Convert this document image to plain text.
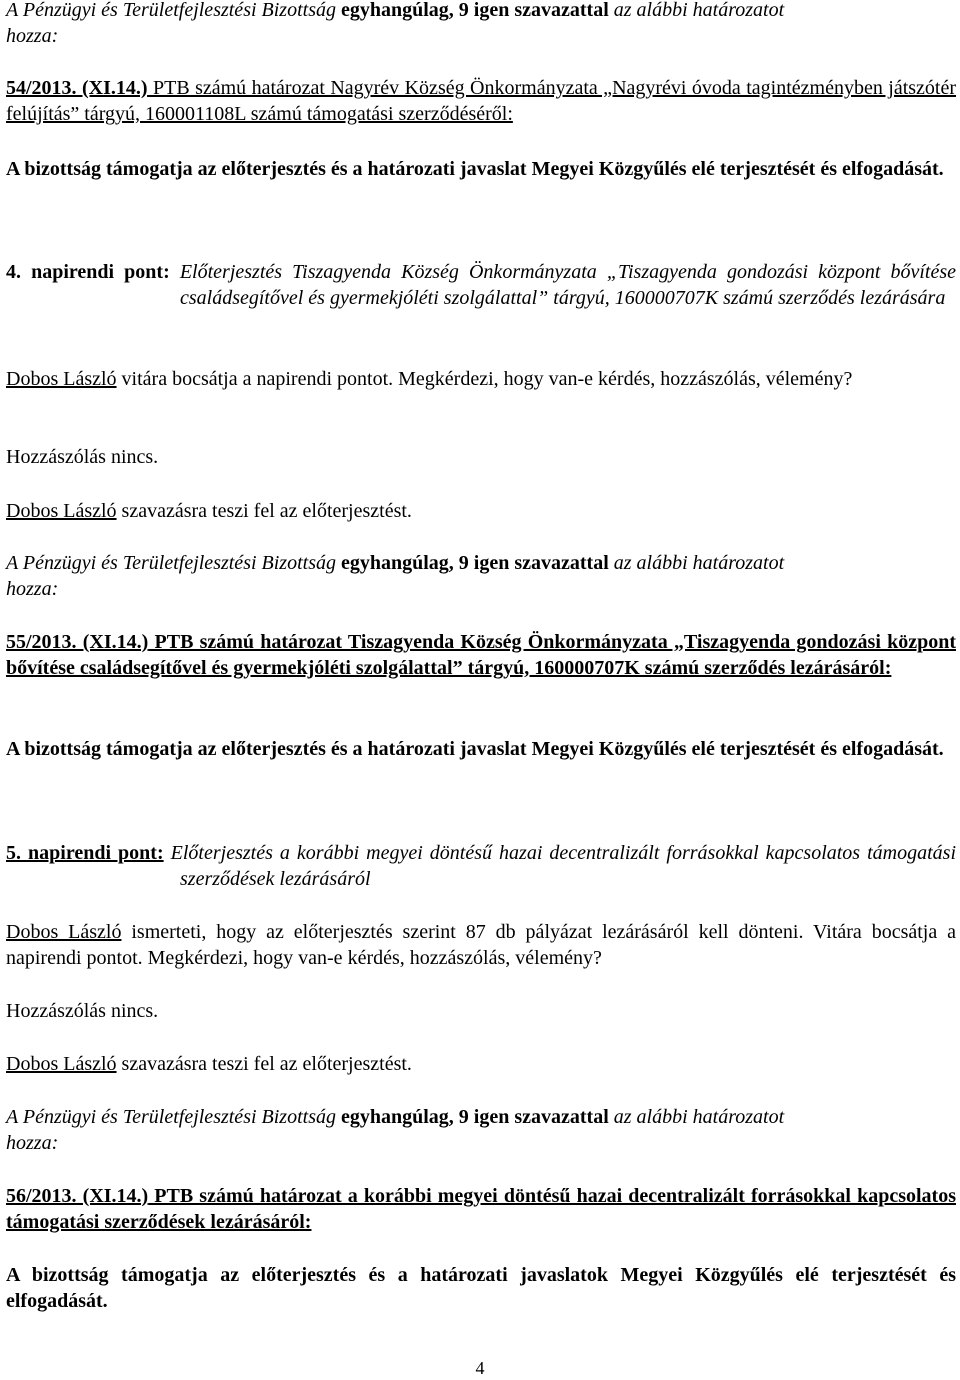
A Pénzügyi és Területfejlesztési Bizottság egyhangúlag, 9 igen szavazattal az alábbi határozatot

hozza:

54/2013. (XI.14.) PTB számú határozat Nagyrév Község Önkormányzata „Nagyrévi óvoda tagintézményben játszótér felújítás” tárgyú, 160001108L számú támogatási szerződéséről:

A bizottság támogatja az előterjesztés és a határozati javaslat Megyei Közgyűlés elé terjesztését és elfogadását.

4. napirendi pont: Előterjesztés Tiszagyenda Község Önkormányzata „Tiszagyenda gondozási központ bővítése családsegítővel és gyermekjóléti szolgálattal” tárgyú, 160000707K számú szerződés lezárására

Dobos László vitára bocsátja a napirendi pontot. Megkérdezi, hogy van-e kérdés, hozzászólás, vélemény?

Hozzászólás nincs.

Dobos László szavazásra teszi fel az előterjesztést.

A Pénzügyi és Területfejlesztési Bizottság egyhangúlag, 9 igen szavazattal az alábbi határozatot

hozza:

55/2013. (XI.14.) PTB számú határozat Tiszagyenda Község Önkormányzata „Tiszagyenda gondozási központ bővítése családsegítővel és gyermekjóléti szolgálattal” tárgyú, 160000707K számú szerződés lezárásáról:

A bizottság támogatja az előterjesztés és a határozati javaslat Megyei Közgyűlés elé terjesztését és elfogadását.

5. napirendi pont: Előterjesztés a korábbi megyei döntésű hazai decentralizált forrásokkal kapcsolatos támogatási szerződések lezárásáról

Dobos László ismerteti, hogy az előterjesztés szerint 87 db pályázat lezárásáról kell dönteni. Vitára bocsátja a napirendi pontot. Megkérdezi, hogy van-e kérdés, hozzászólás, vélemény?

Hozzászólás nincs.

Dobos László szavazásra teszi fel az előterjesztést.

A Pénzügyi és Területfejlesztési Bizottság egyhangúlag, 9 igen szavazattal az alábbi határozatot

hozza:

56/2013. (XI.14.) PTB számú határozat a korábbi megyei döntésű hazai decentralizált forrásokkal kapcsolatos támogatási szerződések lezárásáról:

A bizottság támogatja az előterjesztés és a határozati javaslatok Megyei Közgyűlés elé terjesztését és elfogadását.

4
